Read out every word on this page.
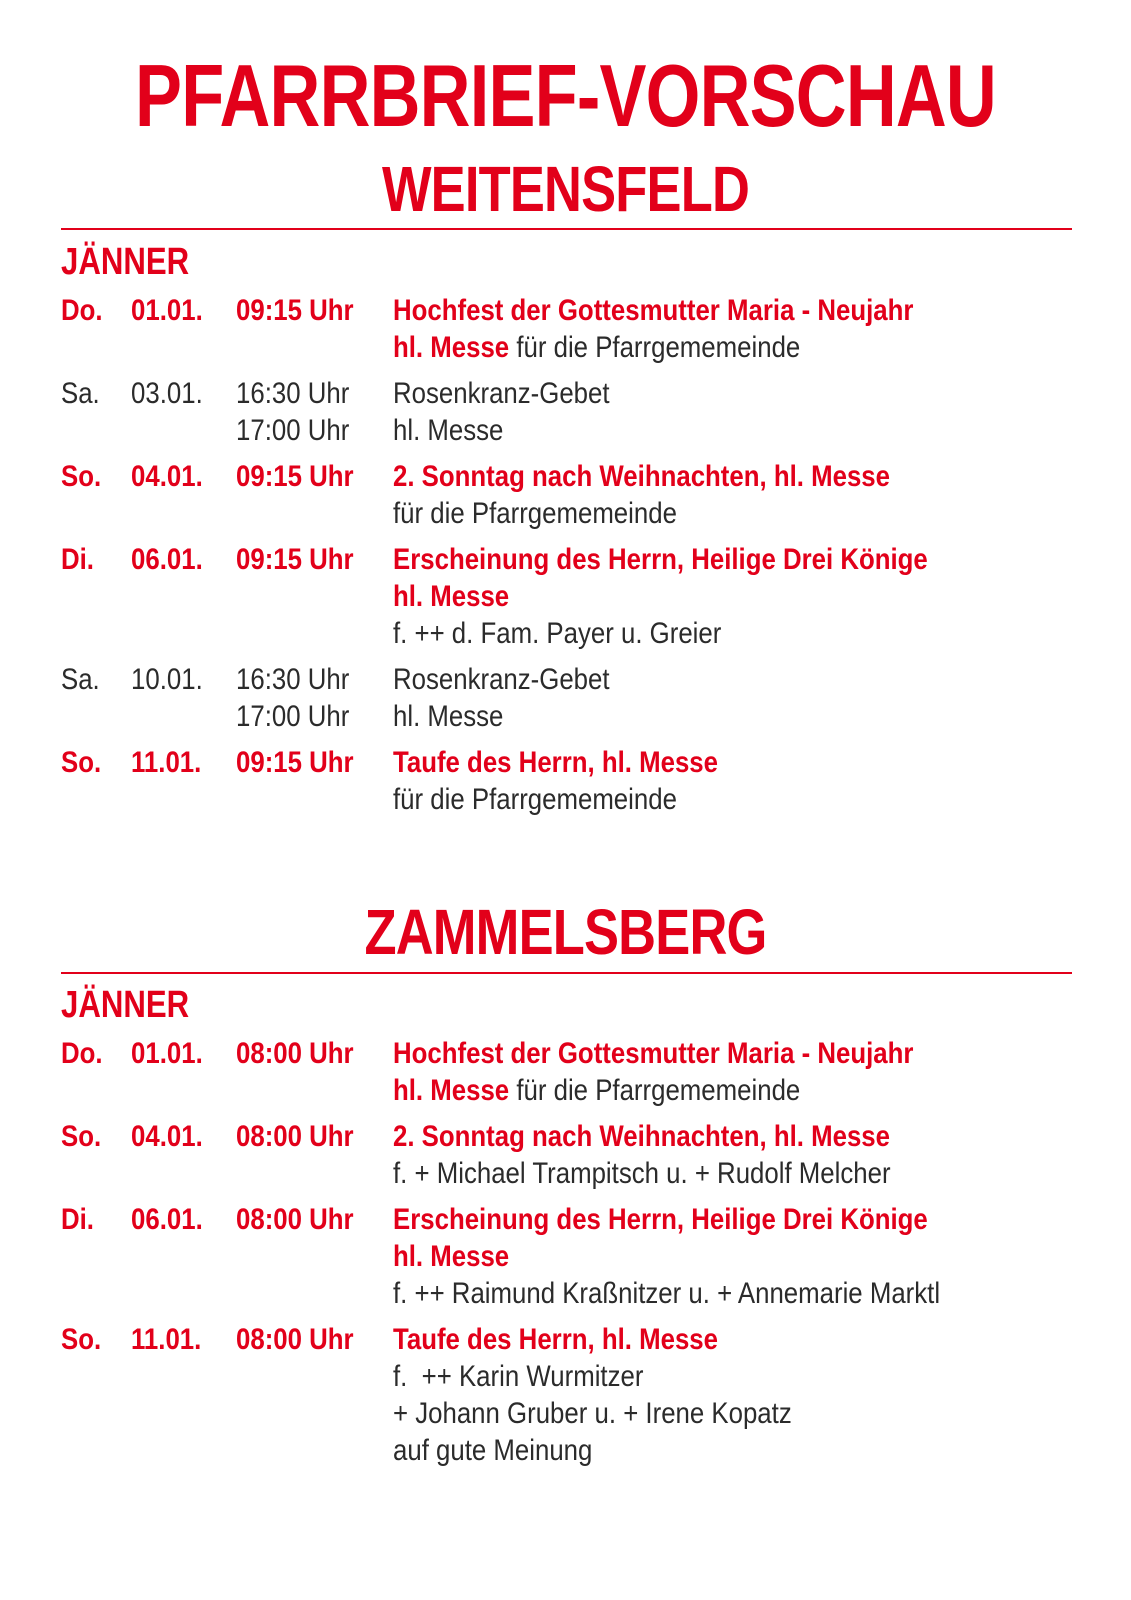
PFARRBRIEF-VORSCHAU
WEITENSFELD
JÄNNER
Do. 01.01. 09:15 Uhr Hochfest der Gottesmutter Maria - Neujahr
hl. Messe für die Pfarrgememeinde
Sa. 03.01. 16:30 Uhr Rosenkranz-Gebet
17:00 Uhr hl. Messe
So. 04.01. 09:15 Uhr 2. Sonntag nach Weihnachten, hl. Messe
für die Pfarrgememeinde
Di. 06.01. 09:15 Uhr Erscheinung des Herrn, Heilige Drei Könige
hl. Messe
f. ++ d. Fam. Payer u. Greier
Sa. 10.01. 16:30 Uhr Rosenkranz-Gebet
17:00 Uhr hl. Messe
So. 11.01. 09:15 Uhr Taufe des Herrn, hl. Messe
für die Pfarrgememeinde
ZAMMELSBERG
JÄNNER
Do. 01.01. 08:00 Uhr Hochfest der Gottesmutter Maria - Neujahr
hl. Messe für die Pfarrgememeinde
So. 04.01. 08:00 Uhr 2. Sonntag nach Weihnachten, hl. Messe
f. + Michael Trampitsch u. + Rudolf Melcher
Di. 06.01. 08:00 Uhr Erscheinung des Herrn, Heilige Drei Könige
hl. Messe
f. ++ Raimund Kraßnitzer u. + Annemarie Marktl
So. 11.01. 08:00 Uhr Taufe des Herrn, hl. Messe
f.  ++ Karin Wurmitzer
+ Johann Gruber u. + Irene Kopatz
auf gute Meinung
